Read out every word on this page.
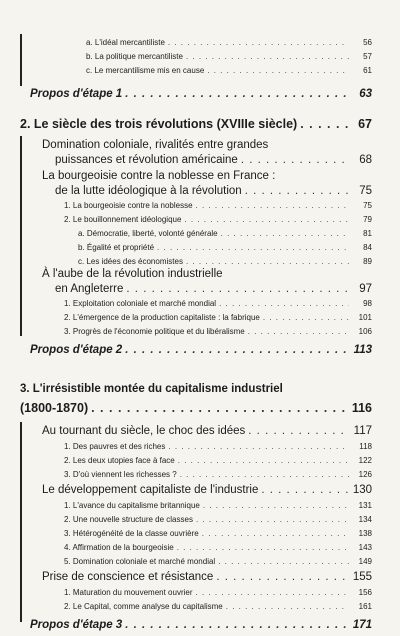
a. L'idéal mercantiliste . . .	56
b. La politique mercantiliste . . .	57
c. Le mercantilisme mis en cause . . .	61
Propos d'étape 1 . . .	63
2. Le siècle des trois révolutions (XVIIIe siècle) . . .	67
Domination coloniale, rivalités entre grandes
puissances et révolution américaine . . .	68
La bourgeoisie contre la noblesse en France :
de la lutte idéologique à la révolution . . .	75
1. La bourgeoisie contre la noblesse . . .	75
2. Le bouillonnement idéologique . . .	79
a. Démocratie, liberté, volonté générale . . .	81
b. Égalité et propriété . . .	84
c. Les idées des économistes . . .	89
À l'aube de la révolution industrielle
en Angleterre . . .	97
1. Exploitation coloniale et marché mondial . . .	98
2. L'émergence de la production capitaliste : la fabrique . . .	101
3. Progrès de l'économie politique et du libéralisme . . .	106
Propos d'étape 2 . . .	113
3. L'irrésistible montée du capitalisme industriel
(1800-1870) . . .	116
Au tournant du siècle, le choc des idées . . .	117
1. Des pauvres et des riches . . .	118
2. Les deux utopies face à face . . .	122
3. D'où viennent les richesses ? . . .	126
Le développement capitaliste de l'industrie . . .	130
1. L'avance du capitalisme britannique . . .	131
2. Une nouvelle structure de classes . . .	134
3. Hétérogénéité de la classe ouvrière . . .	138
4. Affirmation de la bourgeoisie . . .	143
5. Domination coloniale et marché mondial . . .	149
Prise de conscience et résistance . . .	155
1. Maturation du mouvement ouvrier . . .	156
2. Le Capital, comme analyse du capitalisme . . .	161
Propos d'étape 3 . . .	171
